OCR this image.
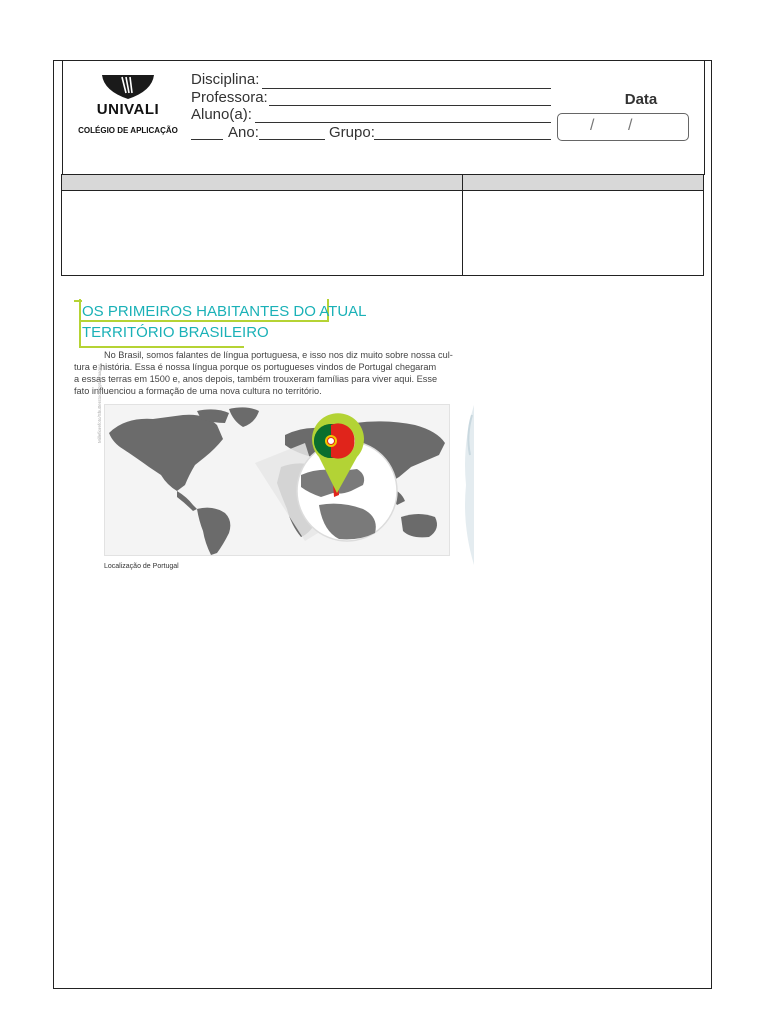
UNIVALI
COLÉGIO DE APLICAÇÃO
Disciplina:
Professora:
Aluno(a):
Ano:	Grupo:
Data
/ /
OS PRIMEIROS HABITANTES DO ATUAL
TERRITÓRIO BRASILEIRO
No Brasil, somos falantes de língua portuguesa, e isso nos diz muito sobre nossa cul-
tura e história. Essa é nossa língua porque os portugueses vindos de Portugal chegaram
a essas terras em 1500 e, anos depois, também trouxeram famílias para viver aqui. Esse
fato influenciou a formação de uma nova cultura no território.
Millefiorefoto/Shutterstock/Opta Images
Localização de Portugal
